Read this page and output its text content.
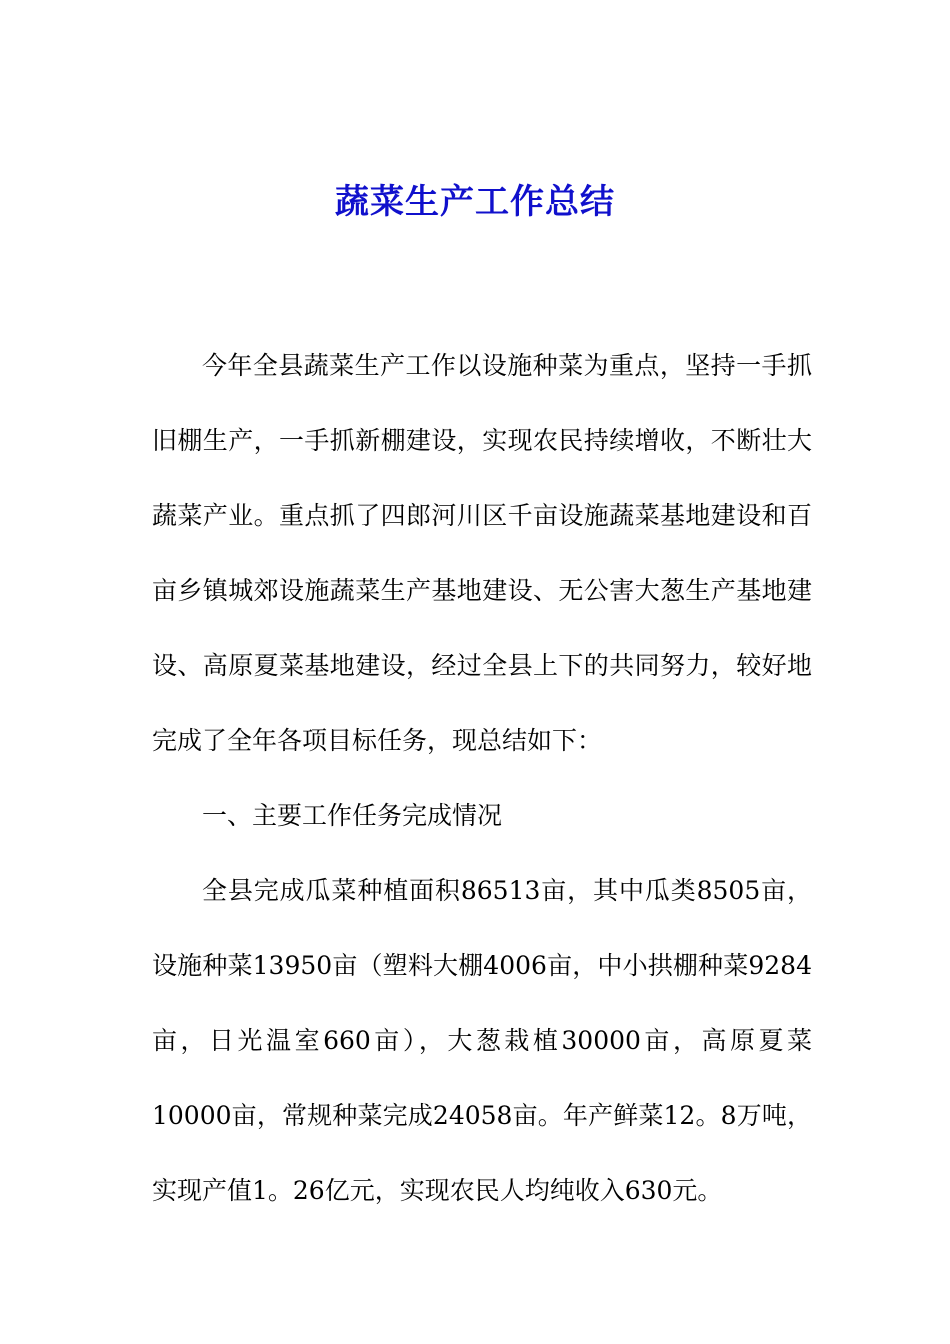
蔬菜生产工作总结

今年全县蔬菜生产工作以设施种菜为重点，坚持一手抓旧棚生产，一手抓新棚建设，实现农民持续增收，不断壮大蔬菜产业。重点抓了四郎河川区千亩设施蔬菜基地建设和百亩乡镇城郊设施蔬菜生产基地建设、无公害大葱生产基地建设、高原夏菜基地建设，经过全县上下的共同努力，较好地完成了全年各项目标任务，现总结如下：

一、主要工作任务完成情况

全县完成瓜菜种植面积86513亩，其中瓜类8505亩，设施种菜13950亩（塑料大棚4006亩，中小拱棚种菜9284亩，日光温室660亩），大葱栽植30000亩，高原夏菜10000亩，常规种菜完成24058亩。年产鲜菜12。8万吨，实现产值1。26亿元，实现农民人均纯收入630元。
